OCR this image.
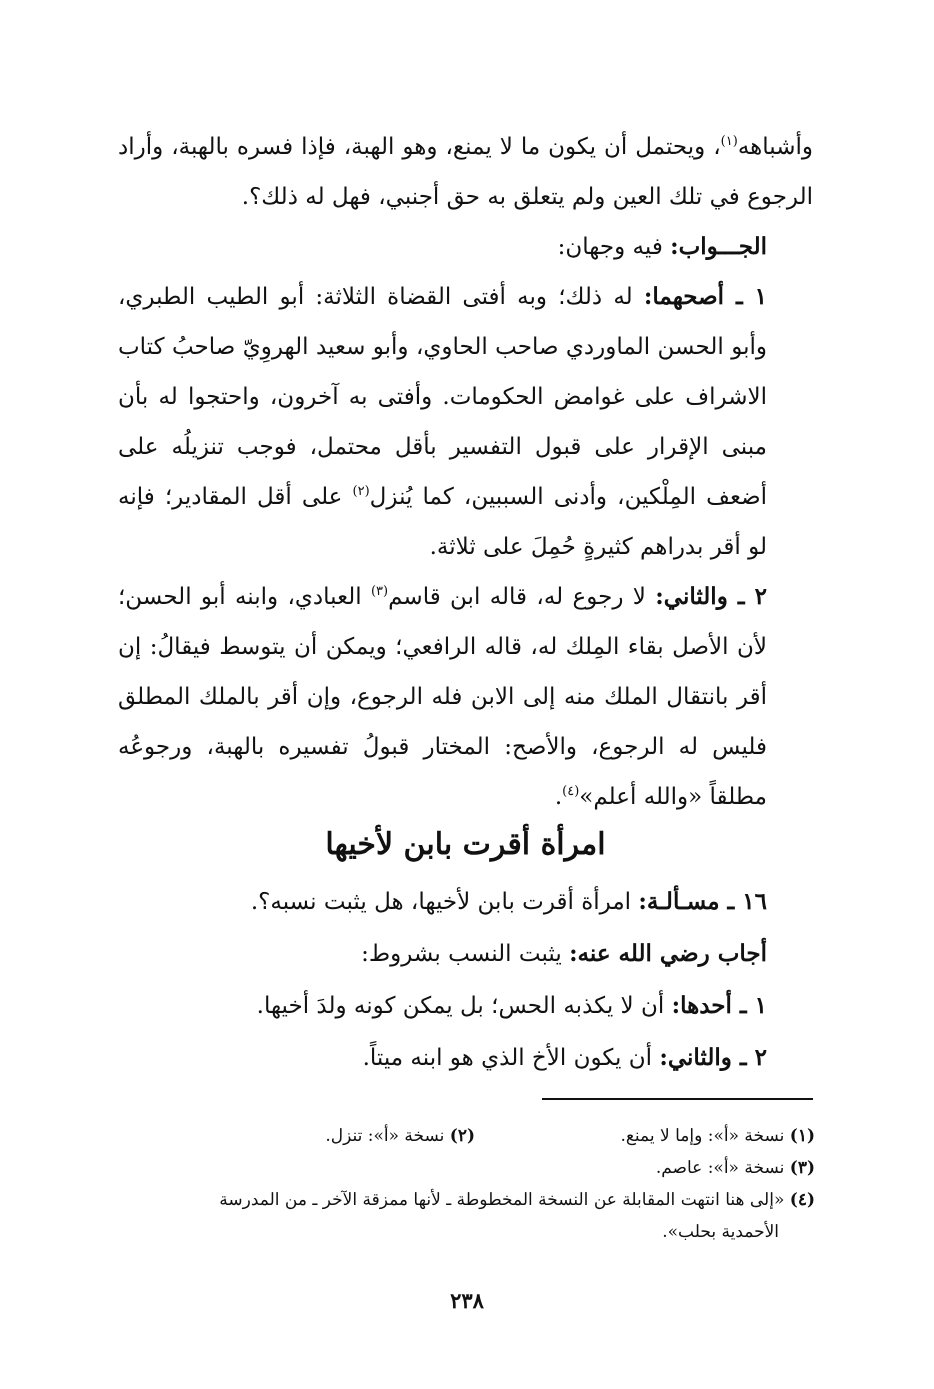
وأشباهه$^{(١)}$، ويحتمل أن يكون ما لا يمنع، وهو الهبة، فإذا فسره بالهبة، وأراد الرجوع في تلك العين ولم يتعلق به حق أجنبي، فهل له ذلك؟.

الجـــواب: فيه وجهان:

١ ـ أصحهما: له ذلك؛ وبه أفتى القضاة الثلاثة: أبو الطيب الطبري، وأبو الحسن الماوردي صاحب الحاوي، وأبو سعيد الهروِيّ صاحبُ كتاب الاشراف على غوامض الحكومات. وأفتى به آخرون، واحتجوا له بأن مبنى الإقرار على قبول التفسير بأقل محتمل، فوجب تنزيلُه على أضعف المِلْكين، وأدنى السببين، كما يُنزل$^{(٢)}$ على أقل المقادير؛ فإنه لو أقر بدراهم كثيرةٍ حُمِلَ على ثلاثة.

٢ ـ والثاني: لا رجوع له، قاله ابن قاسم$^{(٣)}$ العبادي، وابنه أبو الحسن؛ لأن الأصل بقاء المِلك له، قاله الرافعي؛ ويمكن أن يتوسط فيقالُ: إن أقر بانتقال الملك منه إلى الابن فله الرجوع، وإن أقر بالملك المطلق فليس له الرجوع، والأصح: المختار قبولُ تفسيره بالهبة، ورجوعُه مطلقاً «والله أعلم»$^{(٤)}$.

امرأة أقرت بابن لأخيها

١٦ ـ مسـألـة: امرأة أقرت بابن لأخيها، هل يثبت نسبه؟.

أجاب رضي الله عنه: يثبت النسب بشروط:

١ ـ أحدها: أن لا يكذبه الحس؛ بل يمكن كونه ولدَ أخيها.

٢ ـ والثاني: أن يكون الأخ الذي هو ابنه ميتاً.

(١) نسخة «أ»: وإما لا يمنع.
(٢) نسخة «أ»: تنزل.

(٣) نسخة «أ»: عاصم.

(٤) «إلى هنا انتهت المقابلة عن النسخة المخطوطة ـ لأنها ممزقة الآخر ـ من المدرسة

الأحمدية بحلب».

٢٣٨
